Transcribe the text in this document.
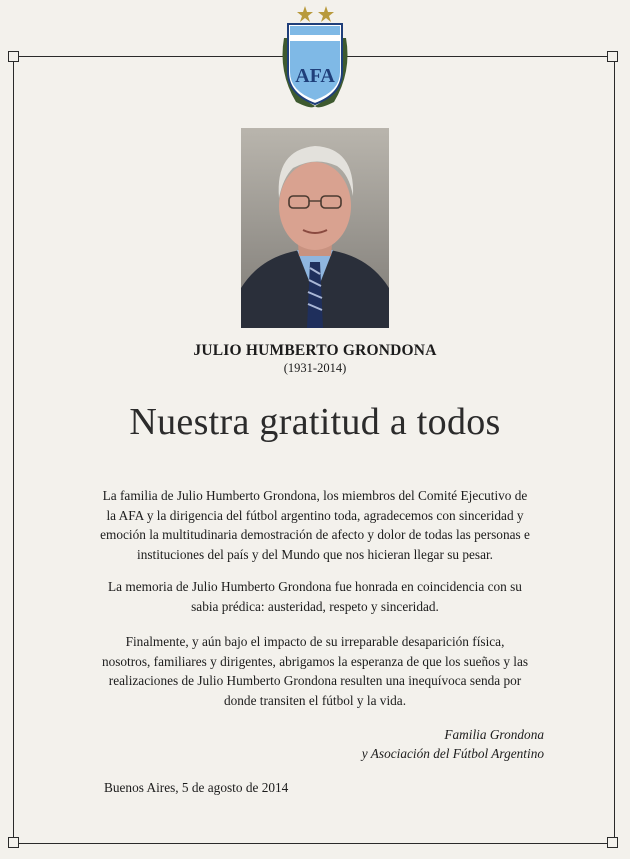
AFA
JULIO HUMBERTO GRONDONA
(1931-2014)
Nuestra gratitud a todos
La familia de Julio Humberto Grondona, los miembros del Comité Ejecutivo de
la AFA y la dirigencia del fútbol argentino toda, agradecemos con sinceridad y
emoción la multitudinaria demostración de afecto y dolor de todas las personas e
instituciones del país y del Mundo que nos hicieran llegar su pesar.
La memoria de Julio Humberto Grondona fue honrada en coincidencia con su
sabia prédica: austeridad, respeto y sinceridad.
Finalmente, y aún bajo el impacto de su irreparable desaparición física,
nosotros, familiares y dirigentes, abrigamos la esperanza de que los sueños y las
realizaciones de Julio Humberto Grondona resulten una inequívoca senda por
donde transiten el fútbol y la vida.
Familia Grondona
y Asociación del Fútbol Argentino
Buenos Aires, 5 de agosto de 2014
